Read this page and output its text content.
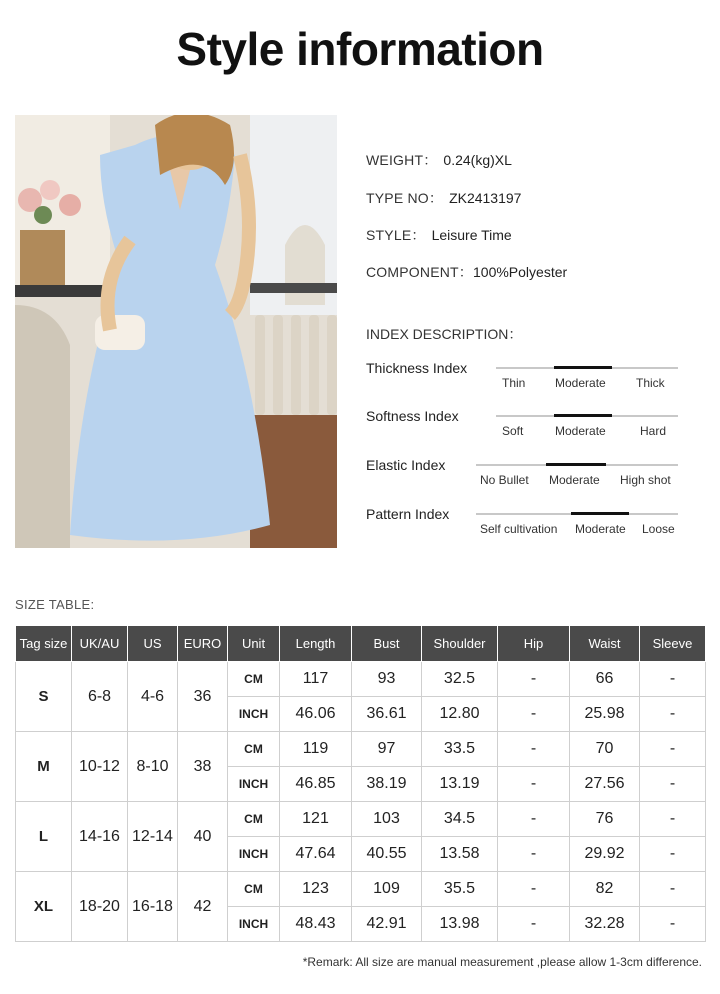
Style information
WEIGHT： 0.24(kg)XL
TYPE NO： ZK2413197
STYLE： Leisure Time
COMPONENT：100%Polyester
INDEX DESCRIPTION：
Thickness Index
Thin Moderate	Thick
Softness Index
Soft	Moderate	Hard
Elastic Index
No Bullet Moderate High shot
Pattern Index
Self cultivation Moderate Loose
SIZE TABLE:
Tag size	UK/AU	US	EURO	Unit	Length	Bust	Shoulder	Hip	Waist	Sleeve
S	6-8	4-6	36	CM	117	93	32.5	-	66	-
				INCH	46.06	36.61	12.80	-	25.98	-
M	10-12	8-10	38	CM	119	97	33.5	-	70	-
				INCH	46.85	38.19	13.19	-	27.56	-
L	14-16	12-14	40	CM	121	103	34.5	-	76	-
				INCH	47.64	40.55	13.58	-	29.92	-
XL	18-20	16-18	42	CM	123	109	35.5	-	82	-
				INCH	48.43	42.91	13.98	-	32.28	-
*Remark: All size are manual measurement ,please allow 1-3cm difference.
